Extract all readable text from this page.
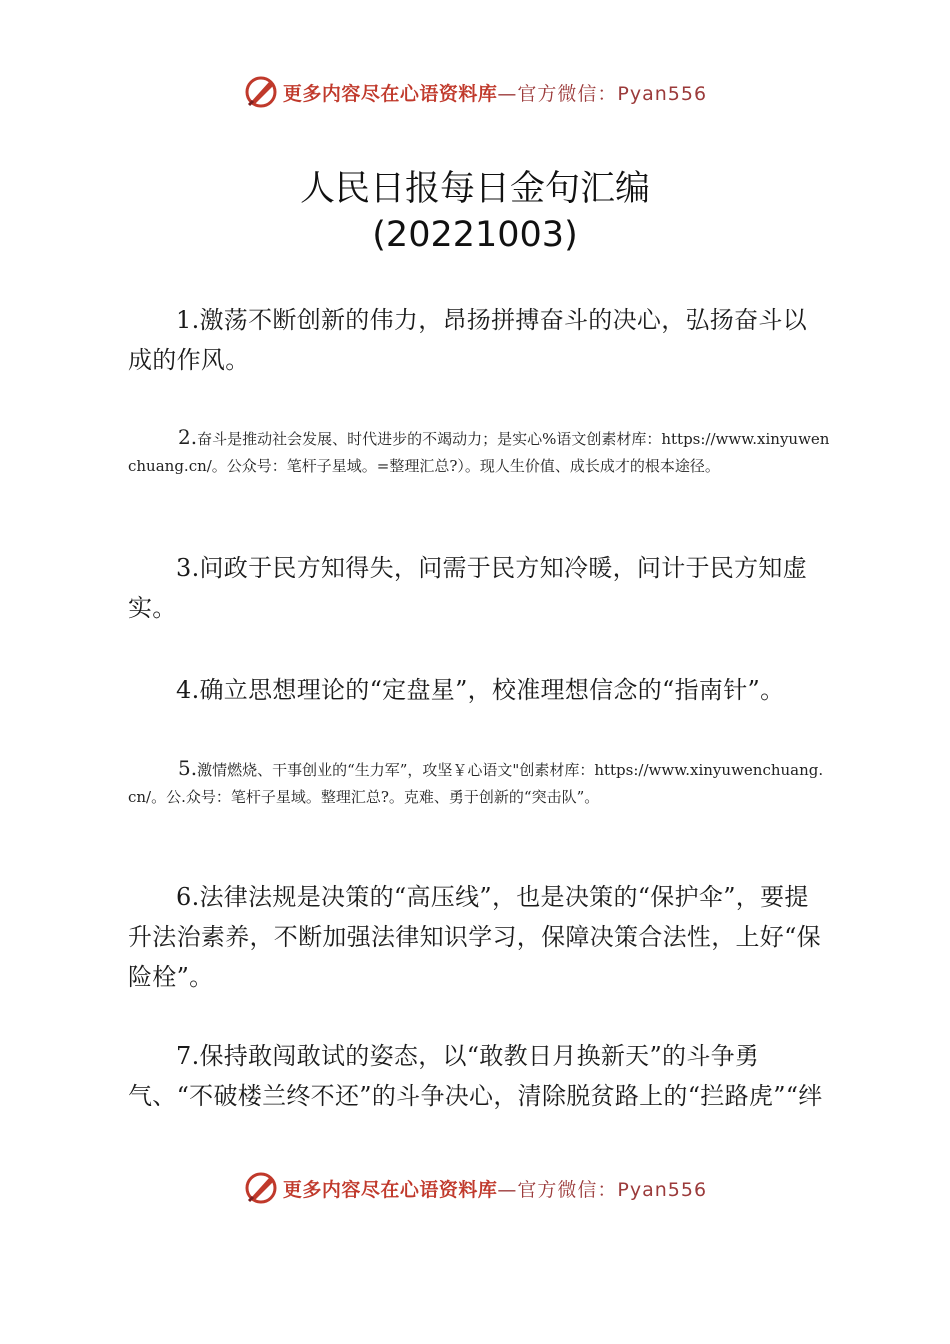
更多内容尽在心语资料库 —官方微信：Pyan556
人民日报每日金句汇编
(20221003)
1.激荡不断创新的伟力，昂扬拼搏奋斗的决心，弘扬奋斗以成的作风。
2.奋斗是推动社会发展、时代进步的不竭动力；是实心%语文创素材库：https://www.xinyuwenchuang.cn/。公众号：笔杆子星域。=整理汇总?）。现人生价值、成长成才的根本途径。
3.问政于民方知得失，问需于民方知冷暖，问计于民方知虚实。
4.确立思想理论的“定盘星”，校准理想信念的“指南针”。
5.激情燃烧、干事创业的“生力军”，攻坚￥心语文"创素材库：https://www.xinyuwenchuang.cn/。公.众号：笔杆子星域。整理汇总?。克难、勇于创新的“突击队”。
6.法律法规是决策的“高压线”，也是决策的“保护伞”，要提升法治素养，不断加强法律知识学习，保障决策合法性，上好“保险栓”。
7.保持敢闯敢试的姿态，以“敢教日月换新天”的斗争勇气、“不破楼兰终不还”的斗争决心，清除脱贫路上的“拦路虎”“绊
更多内容尽在心语资料库 —官方微信：Pyan556
